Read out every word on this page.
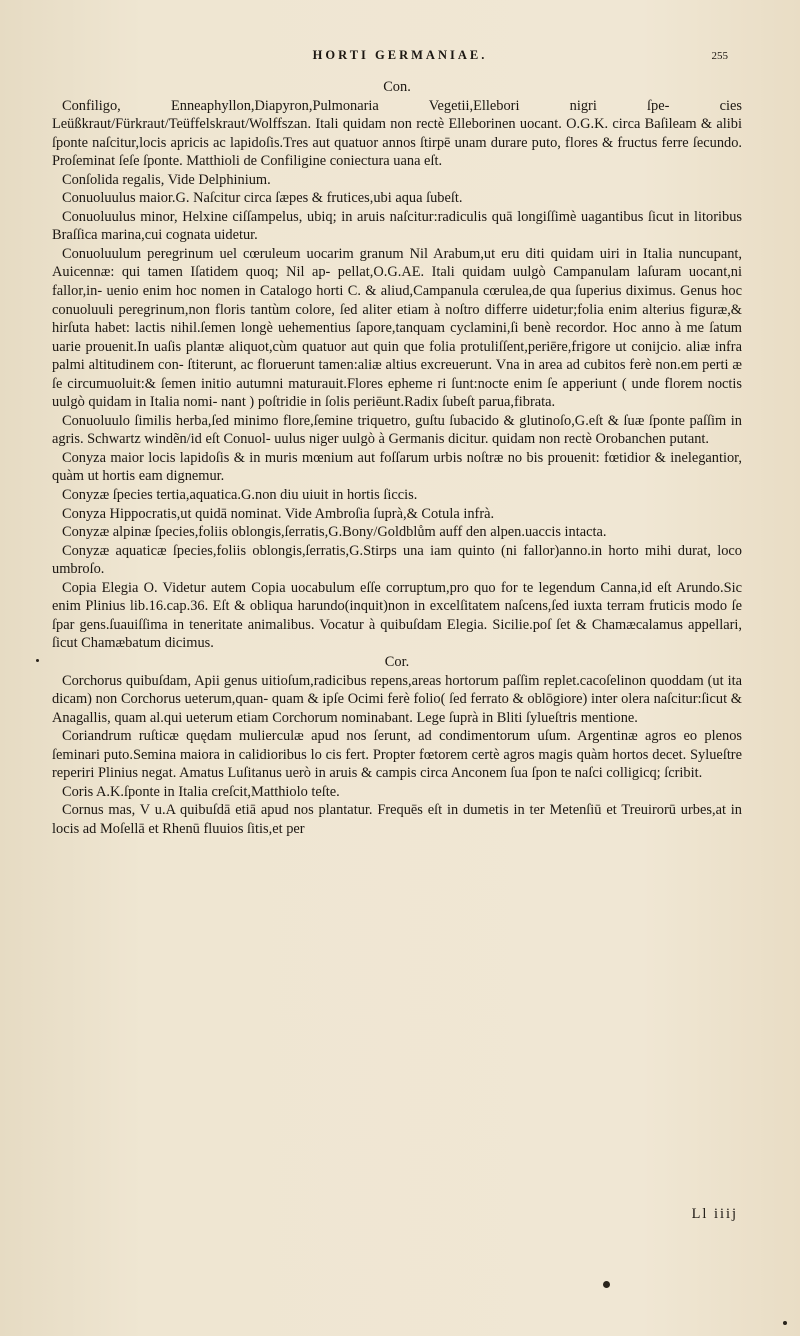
HORTI GERMANIAE.	255

Con.

Confiligo, Enneaphyllon,Diapyron,Pulmonaria Vegetii,Ellebori nigri ſpe- cies Leüßkraut/Fürkraut/Teüffelskraut/Wolffszan. Itali quidam non rectè Elleborinen uocant. O.G.K. circa Baſileam & alibi ſponte naſcitur,locis apricis ac lapidoſis.Tres aut quatuor annos ſtirpē unam durare puto, flores & fructus ferre ſecundo. Proſeminat ſeſe ſponte. Matthioli de Confiligine coniectura uana eſt.

Conſolida regalis, Vide Delphinium.

Conuoluulus maior.G. Naſcitur circa ſæpes & frutices,ubi aqua ſubeſt.

Conuoluulus minor, Helxine ciſſampelus, ubiq; in aruis naſcitur:radiculis quā longiſſimè uagantibus ſicut in litoribus Braſſica marina,cui cognata uidetur.

Conuoluulum peregrinum uel cœruleum uocarim granum Nil Arabum,ut eru diti quidam uiri in Italia nuncupant, Auicennæ: qui tamen Iſatidem quoq; Nil ap- pellat,O.G.AE. Itali quidam uulgò Campanulam laſuram uocant,ni fallor,in- uenio enim hoc nomen in Catalogo horti C. & aliud,Campanula cœrulea,de qua ſuperius diximus. Genus hoc conuoluuli peregrinum,non floris tantùm colore, ſed aliter etiam à noſtro differre uidetur;folia enim alterius figuræ,& hirſuta habet: lactis nihil.ſemen longè uehementius ſapore,tanquam cyclamini,ſi benè recordor. Hoc anno à me ſatum uarie prouenit.In uaſis plantæ aliquot,cùm quatuor aut quin que folia protuliſſent,periēre,frigore ut conijcio. aliæ infra palmi altitudinem con- ſtiterunt, ac floruerunt tamen:aliæ altius excreuerunt. Vna in area ad cubitos ferè non.em perti æ ſe circumuoluit:& ſemen initio autumni maturauit.Flores epheme ri ſunt:nocte enim ſe apperiunt ( unde florem noctis uulgò quidam in Italia nomi- nant ) poſtridie in ſolis periēunt.Radix ſubeſt parua,fibrata.

Conuoluulo ſimilis herba,ſed minimo flore,ſemine triquetro, guſtu ſubacido & glutinoſo,G.eſt & ſuæ ſponte paſſim in agris. Schwartz windẽn/id eſt Conuol- uulus niger uulgò à Germanis dicitur. quidam non rectè Orobanchen putant.

Conyza maior locis lapidoſis & in muris mœnium aut foſſarum urbis noſtræ no bis prouenit: fœtidior & inelegantior, quàm ut hortis eam dignemur.

Conyzæ ſpecies tertia,aquatica.G.non diu uiuit in hortis ſiccis.

Conyza Hippocratis,ut quidā nominat. Vide Ambroſia ſuprà,& Cotula infrà.

Conyzæ alpinæ ſpecies,foliis oblongis,ſerratis,G.Bony/Goldblům auff den alpen.uaccis intacta.

Conyzæ aquaticæ ſpecies,foliis oblongis,ſerratis,G.Stirps una iam quinto (ni fallor)anno.in horto mihi durat, loco umbroſo.

Copia Elegia O. Videtur autem Copia uocabulum eſſe corruptum,pro quo for te legendum Canna,id eſt Arundo.Sic enim Plinius lib.16.cap.36. Eſt & obliqua harundo(inquit)non in excelſitatem naſcens,ſed iuxta terram fruticis modo ſe ſpar gens.ſuauiſſima in teneritate animalibus. Vocatur à quibuſdam Elegia. Sicilie.poſ ſet & Chamæcalamus appellari, ſicut Chamæbatum dicimus.

Cor.

Corchorus quibuſdam, Apii genus uitioſum,radicibus repens,areas hortorum paſſim replet.cacoſelinon quoddam (ut ita dicam) non Corchorus ueterum,quan- quam & ipſe Ocimi ferè folio( ſed ferrato & oblōgiore) inter olera naſcitur:ſicut & Anagallis, quam al.qui ueterum etiam Corchorum nominabant. Lege ſuprà in Bliti ſylueſtris mentione.

Coriandrum ruſticæ quędam mulierculæ apud nos ſerunt, ad condimentorum uſum. Argentinæ agros eo plenos ſeminari puto.Semina maiora in calidioribus lo cis fert. Propter fœtorem certè agros magis quàm hortos decet. Sylueſtre reperiri Plinius negat. Amatus Luſitanus uerò in aruis & campis circa Anconem ſua ſpon te naſci colligicq; ſcribit.

Coris A.K.ſponte in Italia creſcit,Matthiolo teſte.

Cornus mas, V u.A quibuſdā etiā apud nos plantatur. Frequēs eſt in dumetis in ter Metenſiū et Treuirorū urbes,at in locis ad Moſellā et Rhenū fluuios ſitis,et per

Ll iiij
